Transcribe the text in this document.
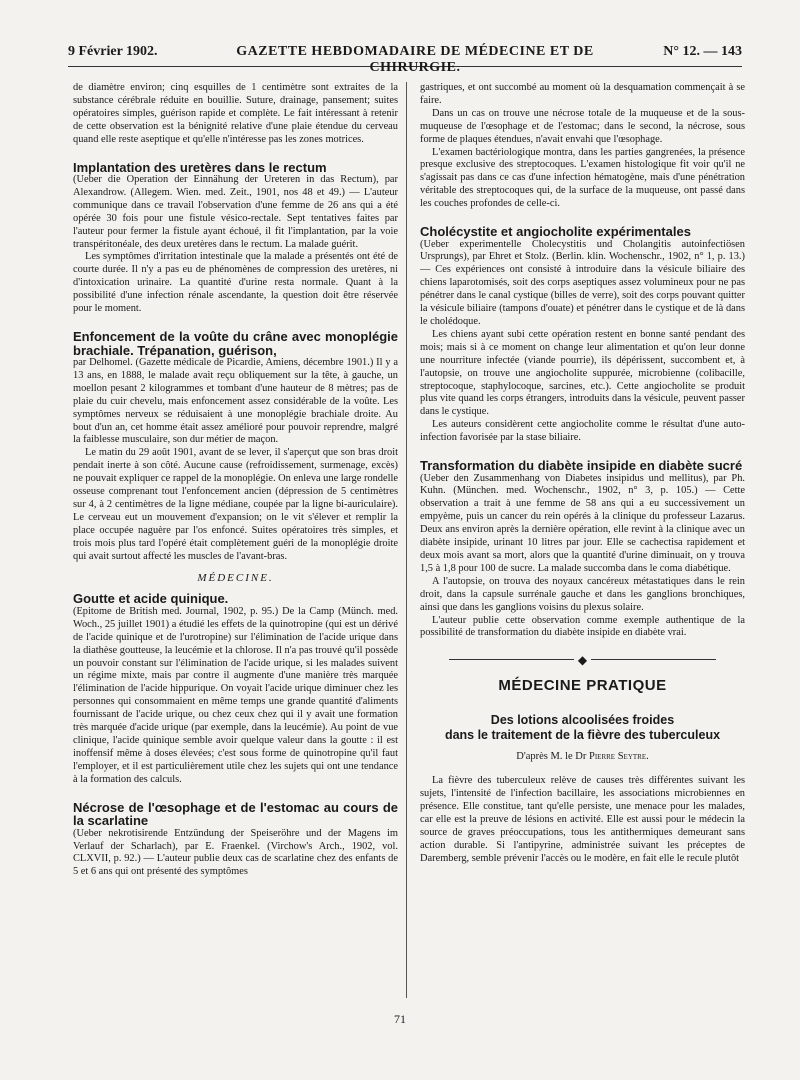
9 Février 1902.	GAZETTE HEBDOMADAIRE DE MÉDECINE ET DE CHIRURGIE.
N° 12. — 143

de diamètre environ; cinq esquilles de 1 centimètre sont extraites de la substance cérébrale réduite en bouillie. Suture, drainage, pansement; suites opératoires simples, guérison rapide et complète. Le fait intéressant à retenir de cette observation est la bénignité relative d'une plaie étendue du cerveau quand elle reste aseptique et qu'elle n'intéresse pas les zones motrices.

Implantation des uretères dans le rectum

(Ueber die Operation der Einnähung der Ureteren in das Rectum), par Alexandrow. (Allegem. Wien. med. Zeit., 1901, nos 48 et 49.) — L'auteur communique dans ce travail l'observation d'une femme de 26 ans qui a été opérée 30 fois pour une fistule vésico-rectale. Sept tentatives faites par l'auteur pour fermer la fistule ayant échoué, il fit l'implantation, par la voie transpéritonéale, des deux uretères dans le rectum. La malade guérit.

Les symptômes d'irritation intestinale que la malade a présentés ont été de courte durée. Il n'y a pas eu de phénomènes de compression des uretères, ni d'intoxication urinaire. La quantité d'urine resta normale. Quant à la possibilité d'une infection rénale ascendante, la question doit être réservée pour le moment.

Enfoncement de la voûte du crâne avec monoplégie brachiale. Trépanation, guérison,

par Delhomel. (Gazette médicale de Picardie, Amiens, décembre 1901.) Il y a 13 ans, en 1888, le malade avait reçu obliquement sur la tête, à gauche, un moellon pesant 2 kilogrammes et tombant d'une hauteur de 8 mètres; pas de plaie du cuir chevelu, mais enfoncement assez considérable de la voûte. Les symptômes nerveux se réduisaient à une monoplégie brachiale droite. Au bout d'un an, cet homme était assez amélioré pour pouvoir reprendre, malgré la faiblesse musculaire, son dur métier de maçon.

Le matin du 29 août 1901, avant de se lever, il s'aperçut que son bras droit pendait inerte à son côté. Aucune cause (refroidissement, surmenage, excès) ne pouvait expliquer ce rappel de la monoplégie. On enleva une large rondelle osseuse comprenant tout l'enfoncement ancien (dépression de 5 centimètres sur 4, à 2 centimètres de la ligne médiane, coupée par la ligne bi-auriculaire). Le cerveau eut un mouvement d'expansion; on le vit s'élever et remplir la place occupée naguère par l'os enfoncé. Suites opératoires très simples, et trois mois plus tard l'opéré était complètement guéri de la monoplégie droite qui avait surtout affecté les muscles de l'avant-bras.

MÉDECINE.
Goutte et acide quinique.

(Epitome de British med. Journal, 1902, p. 95.) De la Camp (Münch. med. Woch., 25 juillet 1901) a étudié les effets de la quinotropine (qui est un dérivé de l'acide quinique et de l'urotropine) sur l'élimination de l'acide urique dans la diathèse goutteuse, la leucémie et la chlorose. Il n'a pas trouvé qu'il possède un pouvoir constant sur l'élimination de l'acide urique, si les malades suivent un régime mixte, mais par contre il augmente d'une manière très marquée l'élimination de l'acide hippurique. On voyait l'acide urique diminuer chez les personnes qui consommaient en même temps une grande quantité d'aliments fournissant de l'acide urique, ou chez ceux chez qui il y avait une formation très marquée d'acide urique (par exemple, dans la leucémie). Au point de vue clinique, l'acide quinique semble avoir quelque valeur dans la goutte : il est inoffensif même à doses élevées; c'est sous forme de quinotropine qu'il faut l'employer, et il est particulièrement utile chez les sujets qui ont une tendance à la formation des calculs.

Nécrose de l'œsophage et de l'estomac au cours de la scarlatine

(Ueber nekrotisirende Entzündung der Speiseröhre und der Magens im Verlauf der Scharlach), par E. Fraenkel. (Virchow's Arch., 1902, vol. CLXVII, p. 92.) — L'auteur publie deux cas de scarlatine chez des enfants de 5 et 6 ans qui ont présenté des symptômes

gastriques, et ont succombé au moment où la desquamation commençait à se faire.

Dans un cas on trouve une nécrose totale de la muqueuse et de la sous-muqueuse de l'œsophage et de l'estomac; dans le second, la nécrose, sous forme de plaques étendues, n'avait envahi que l'œsophage.

L'examen bactériologique montra, dans les parties gangrenées, la présence presque exclusive des streptocoques. L'examen histologique fit voir qu'il ne s'agissait pas dans ce cas d'une infection hématogène, mais d'une pénétration véritable des streptocoques qui, de la surface de la muqueuse, ont passé dans les couches profondes de celle-ci.

Cholécystite et angiocholite expérimentales

(Ueber experimentelle Cholecystitis und Cholangitis autoinfectiösen Ursprungs), par Ehret et Stolz. (Berlin. klin. Wochenschr., 1902, n° 1, p. 13.) — Ces expériences ont consisté à introduire dans la vésicule biliaire des chiens laparotomisés, soit des corps aseptiques assez volumineux pour ne pas pénétrer dans le canal cystique (billes de verre), soit des corps pouvant quitter la vésicule biliaire (tampons d'ouate) et pénétrer dans le cystique et de là dans le cholédoque.

Les chiens ayant subi cette opération restent en bonne santé pendant des mois; mais si à ce moment on change leur alimentation et qu'on leur donne une nourriture infectée (viande pourrie), ils dépérissent, succombent et, à l'autopsie, on trouve une angiocholite suppurée, microbienne (colibacille, streptocoque, staphylocoque, sarcines, etc.). Cette angiocholite se produit plus vite quand les corps étrangers, introduits dans la vésicule, peuvent passer dans le cystique.

Les auteurs considèrent cette angiocholite comme le résultat d'une auto-infection favorisée par la stase biliaire.

Transformation du diabète insipide en diabète sucré

(Ueber den Zusammenhang von Diabetes insipidus und mellitus), par Ph. Kuhn. (München. med. Wochenschr., 1902, n° 3, p. 105.) — Cette observation a trait à une femme de 58 ans qui a eu successivement un empyème, puis un cancer du rein opérés à la clinique du professeur Lazarus. Deux ans environ après la dernière opération, elle revint à la clinique avec un diabète insipide, urinant 10 litres par jour. Elle se cachectisa rapidement et deux mois avant sa mort, alors que la quantité d'urine diminuait, on y trouva 1,5 à 1,8 pour 100 de sucre. La malade succomba dans le coma diabétique.

A l'autopsie, on trouva des noyaux cancéreux métastatiques dans le rein droit, dans la capsule surrénale gauche et dans les ganglions bronchiques, ainsi que dans les ganglions voisins du plexus solaire.

L'auteur publie cette observation comme exemple authentique de la possibilité de transformation du diabète insipide en diabète vrai.

◆
MÉDECINE PRATIQUE
Des lotions alcoolisées froides
dans le traitement de la fièvre des tuberculeux
D'après M. le Dr Pierre Seytre.

La fièvre des tuberculeux relève de causes très différentes suivant les sujets, l'intensité de l'infection bacillaire, les associations microbiennes en présence. Elle constitue, tant qu'elle persiste, une menace pour les malades, car elle est la preuve de lésions en activité. Elle est aussi pour le médecin la source de graves préoccupations, tous les antithermiques demeurant sans action durable. Si l'antipyrine, administrée suivant les préceptes de Daremberg, semble prévenir l'accès ou le modère, en fait elle le recule plutôt

71
